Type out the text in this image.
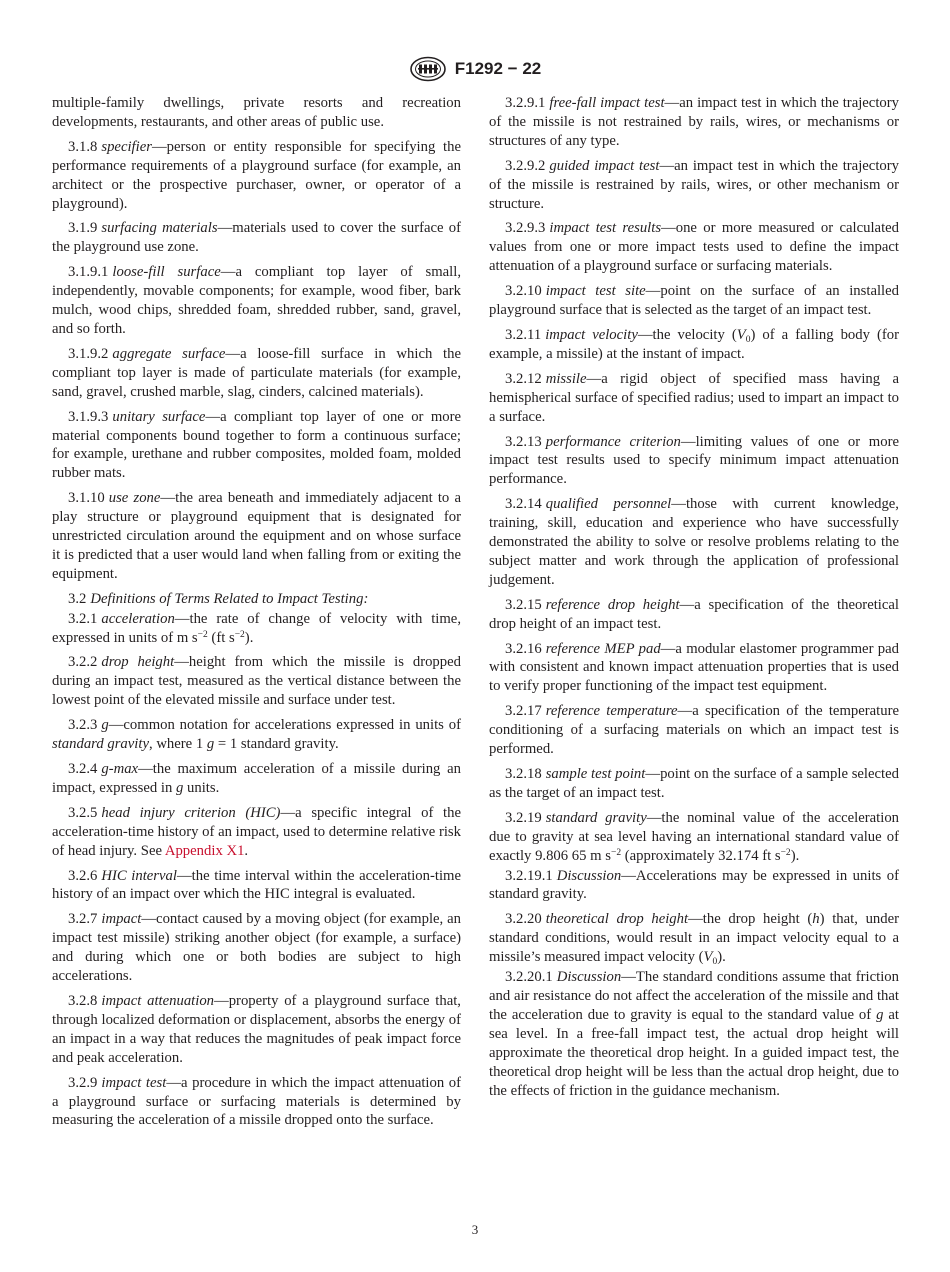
F1292 − 22

multiple-family dwellings, private resorts and recreation developments, restaurants, and other areas of public use.

3.1.8 specifier—person or entity responsible for specifying the performance requirements of a playground surface (for example, an architect or the prospective purchaser, owner, or operator of a playground).

3.1.9 surfacing materials—materials used to cover the surface of the playground use zone.

3.1.9.1 loose-fill surface—a compliant top layer of small, independently, movable components; for example, wood fiber, bark mulch, wood chips, shredded foam, shredded rubber, sand, gravel, and so forth.

3.1.9.2 aggregate surface—a loose-fill surface in which the compliant top layer is made of particulate materials (for example, sand, gravel, crushed marble, slag, cinders, calcined materials).

3.1.9.3 unitary surface—a compliant top layer of one or more material components bound together to form a continuous surface; for example, urethane and rubber composites, molded foam, molded rubber mats.

3.1.10 use zone—the area beneath and immediately adjacent to a play structure or playground equipment that is designated for unrestricted circulation around the equipment and on whose surface it is predicted that a user would land when falling from or exiting the equipment.

3.2 Definitions of Terms Related to Impact Testing:

3.2.1 acceleration—the rate of change of velocity with time, expressed in units of m $s^{-2}$ (ft $s^{-2}$).

3.2.2 drop height—height from which the missile is dropped during an impact test, measured as the vertical distance between the lowest point of the elevated missile and surface under test.

3.2.3 g—common notation for accelerations expressed in units of standard gravity, where 1 g = 1 standard gravity.

3.2.4 g-max—the maximum acceleration of a missile during an impact, expressed in g units.

3.2.5 head injury criterion (HIC)—a specific integral of the acceleration-time history of an impact, used to determine relative risk of head injury. See Appendix X1.

3.2.6 HIC interval—the time interval within the acceleration-time history of an impact over which the HIC integral is evaluated.

3.2.7 impact—contact caused by a moving object (for example, an impact test missile) striking another object (for example, a surface) and during which one or both bodies are subject to high accelerations.

3.2.8 impact attenuation—property of a playground surface that, through localized deformation or displacement, absorbs the energy of an impact in a way that reduces the magnitudes of peak impact force and peak acceleration.

3.2.9 impact test—a procedure in which the impact attenuation of a playground surface or surfacing materials is determined by measuring the acceleration of a missile dropped onto the surface.

3.2.9.1 free-fall impact test—an impact test in which the trajectory of the missile is not restrained by rails, wires, or mechanisms or structures of any type.

3.2.9.2 guided impact test—an impact test in which the trajectory of the missile is restrained by rails, wires, or other mechanism or structure.

3.2.9.3 impact test results—one or more measured or calculated values from one or more impact tests used to define the impact attenuation of a playground surface or surfacing materials.

3.2.10 impact test site—point on the surface of an installed playground surface that is selected as the target of an impact test.

3.2.11 impact velocity—the velocity $(V_0)$ of a falling body (for example, a missile) at the instant of impact.

3.2.12 missile—a rigid object of specified mass having a hemispherical surface of specified radius; used to impart an impact to a surface.

3.2.13 performance criterion—limiting values of one or more impact test results used to specify minimum impact attenuation performance.

3.2.14 qualified personnel—those with current knowledge, training, skill, education and experience who have successfully demonstrated the ability to solve or resolve problems relating to the subject matter and work through the application of professional judgement.

3.2.15 reference drop height—a specification of the theoretical drop height of an impact test.

3.2.16 reference MEP pad—a modular elastomer programmer pad with consistent and known impact attenuation properties that is used to verify proper functioning of the impact test equipment.

3.2.17 reference temperature—a specification of the temperature conditioning of a surfacing materials on which an impact test is performed.

3.2.18 sample test point—point on the surface of a sample selected as the target of an impact test.

3.2.19 standard gravity—the nominal value of the acceleration due to gravity at sea level having an international standard value of exactly 9.806 65 m $s^{-2}$ (approximately 32.174 ft $s^{-2}$).

3.2.19.1 Discussion—Accelerations may be expressed in units of standard gravity.

3.2.20 theoretical drop height—the drop height (h) that, under standard conditions, would result in an impact velocity equal to a missile’s measured impact velocity $(V_0)$.

3.2.20.1 Discussion—The standard conditions assume that friction and air resistance do not affect the acceleration of the missile and that the acceleration due to gravity is equal to the standard value of g at sea level. In a free-fall impact test, the actual drop height will approximate the theoretical drop height. In a guided impact test, the theoretical drop height will be less than the actual drop height, due to the effects of friction in the guidance mechanism.

3
